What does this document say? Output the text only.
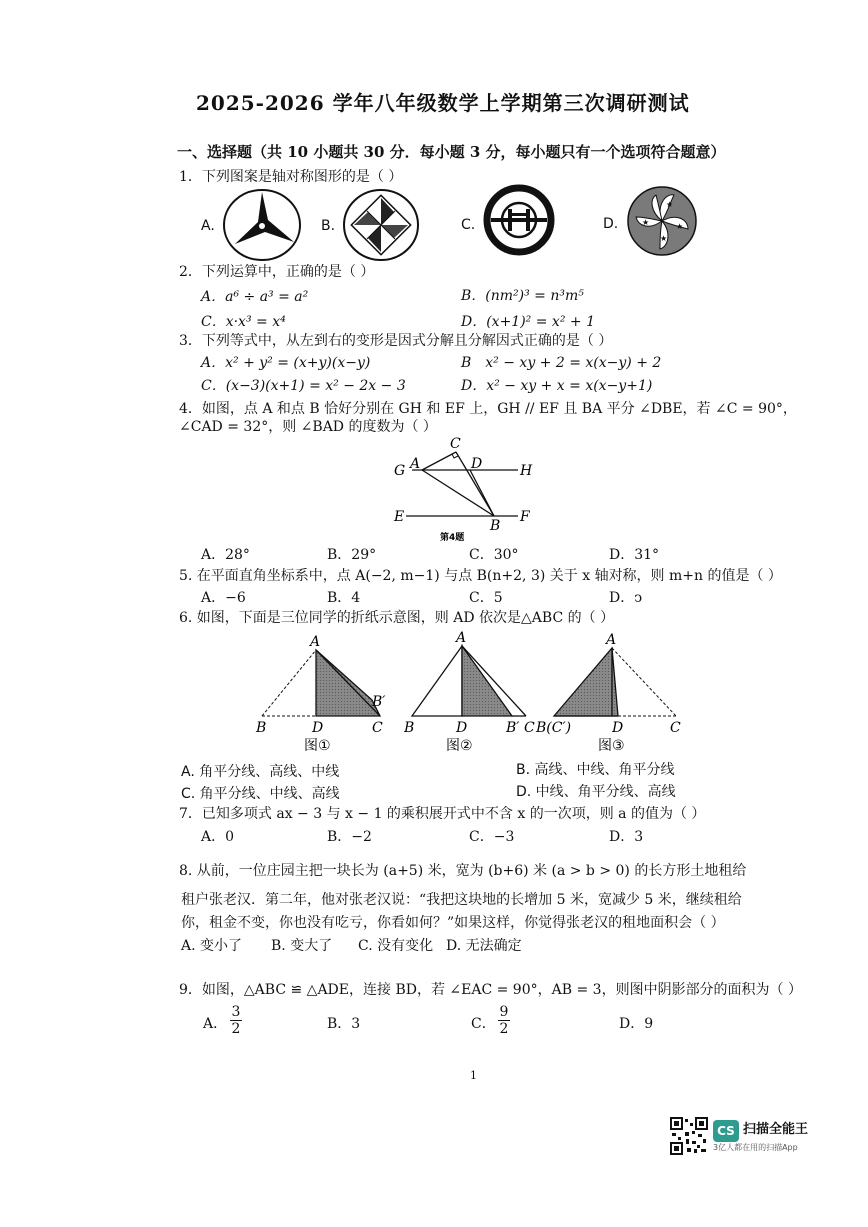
2025-2026 学年八年级数学上学期第三次调研测试
一、选择题（共 10 小题共 30 分．每小题 3 分，每小题只有一个选项符合题意）
1．下列图案是轴对称图形的是（ ）
A.	B.	C.	D.
★
★
★
★
2．下列运算中，正确的是（ ）
A．a⁶ ÷ a³ = a²	B．(nm²)³ = n³m⁵
C．x·x³ = x⁴	D．(x+1)² = x² + 1
3．下列等式中，从左到右的变形是因式分解且分解因式正确的是（ ）
A．x² + y² = (x+y)(x−y)	B　x² − xy + 2 = x(x−y) + 2
C．(x−3)(x+1) = x² − 2x − 3	D．x² − xy + x = x(x−y+1)
4．如图，点 A 和点 B 恰好分别在 GH 和 EF 上，GH // EF 且 BA 平分 ∠DBE，若 ∠C = 90°，
∠CAD = 32°，则 ∠BAD 的度数为（ ）
C
G A	D	H
E
B
F
第4题
A．28°	B．29°	C．30°	D．31°
5. 在平面直角坐标系中，点 A(−2, m−1) 与点 B(n+2, 3) 关于 x 轴对称，则 m+n 的值是（ ）
A．−6	B．4	C．5	D．ↄ
6. 如图，下面是三位同学的折纸示意图，则 AD 依次是△ABC 的（ ）
A
B′
B	D	C
图①
A
B	D	B′ C
图②
A
B(C′)	D	C
图③
A. 角平分线、高线、中线	B. 高线、中线、角平分线
C. 角平分线、中线、高线	D. 中线、角平分线、高线
7．已知多项式 ax − 3 与 x − 1 的乘积展开式中不含 x 的一次项，则 a 的值为（ ）
A．0	B．−2	C．−3	D．3
8. 从前，一位庄园主把一块长为 (a+5) 米，宽为 (b+6) 米 (a > b > 0) 的长方形土地租给
租户张老汉．第二年，他对张老汉说：“我把这块地的长增加 5 米，宽减少 5 米，继续租给
你，租金不变，你也没有吃亏，你看如何？”如果这样，你觉得张老汉的租地面积会（ ）
A. 变小了 B. 变大了 C. 没有变化 D. 无法确定
9．如图，△ABC ≌ △ADE，连接 BD，若 ∠EAC = 90°，AB = 3，则图中阴影部分的面积为（ ）
A． $\frac{3}{2}$	B．3	C． $\frac{9}{2}$	D．9
1
CS 扫描全能王
3亿人都在用的扫描App
